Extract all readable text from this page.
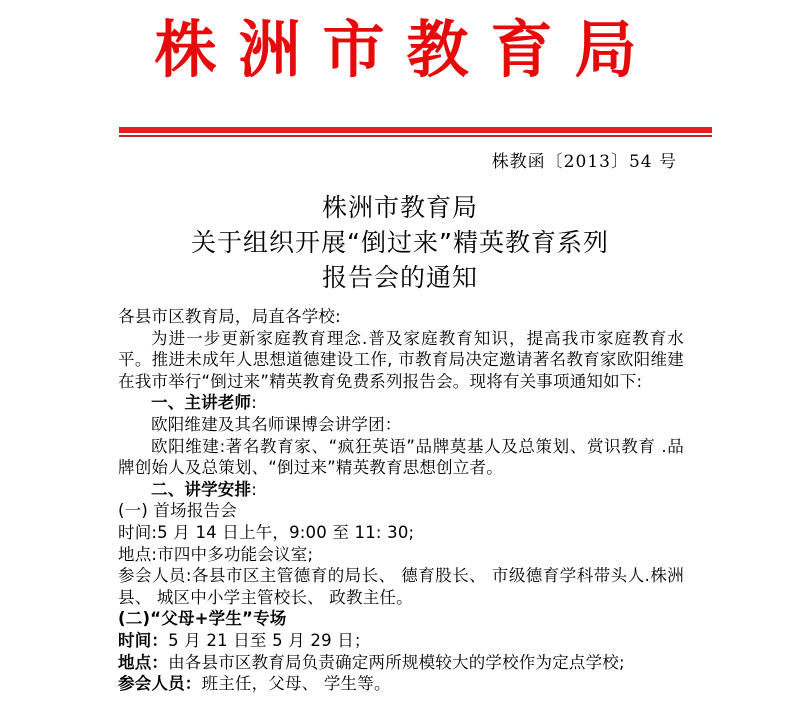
株洲市教育局
株教函〔2013〕54 号
株洲市教育局
关于组织开展“倒过来”精英教育系列
报告会的通知

各县市区教育局，局直各学校:

为进一步更新家庭教育理念.普及家庭教育知识，提高我市家庭教育水平。推进未成年人思想道德建设工作, 市教育局决定邀请著名教育家欧阳维建在我市举行“倒过来”精英教育免费系列报告会。现将有关事项通知如下:

一、主讲老师:

欧阳维建及其名师课博会讲学团：

欧阳维建:著名教育家、“疯狂英语”品牌莫基人及总策划、赏识教育 .品牌创始人及总策划、“倒过来”精英教育思想创立者。

二、讲学安排:

(一) 首场报告会

时间:5 月 14 日上午，9:00 至 11: 30;

地点:市四中多功能会议室;

参会人员:各县市区主管德育的局长、 德育股长、 市级德育学科带头人.株洲县、 城区中小学主管校长、 政教主任。

(二)“父母+学生”专场

时间：5 月 21 日至 5 月 29 日；

地点：由各县市区教育局负责确定两所规模较大的学校作为定点学校;

参会人员：班主任，父母、 学生等。
